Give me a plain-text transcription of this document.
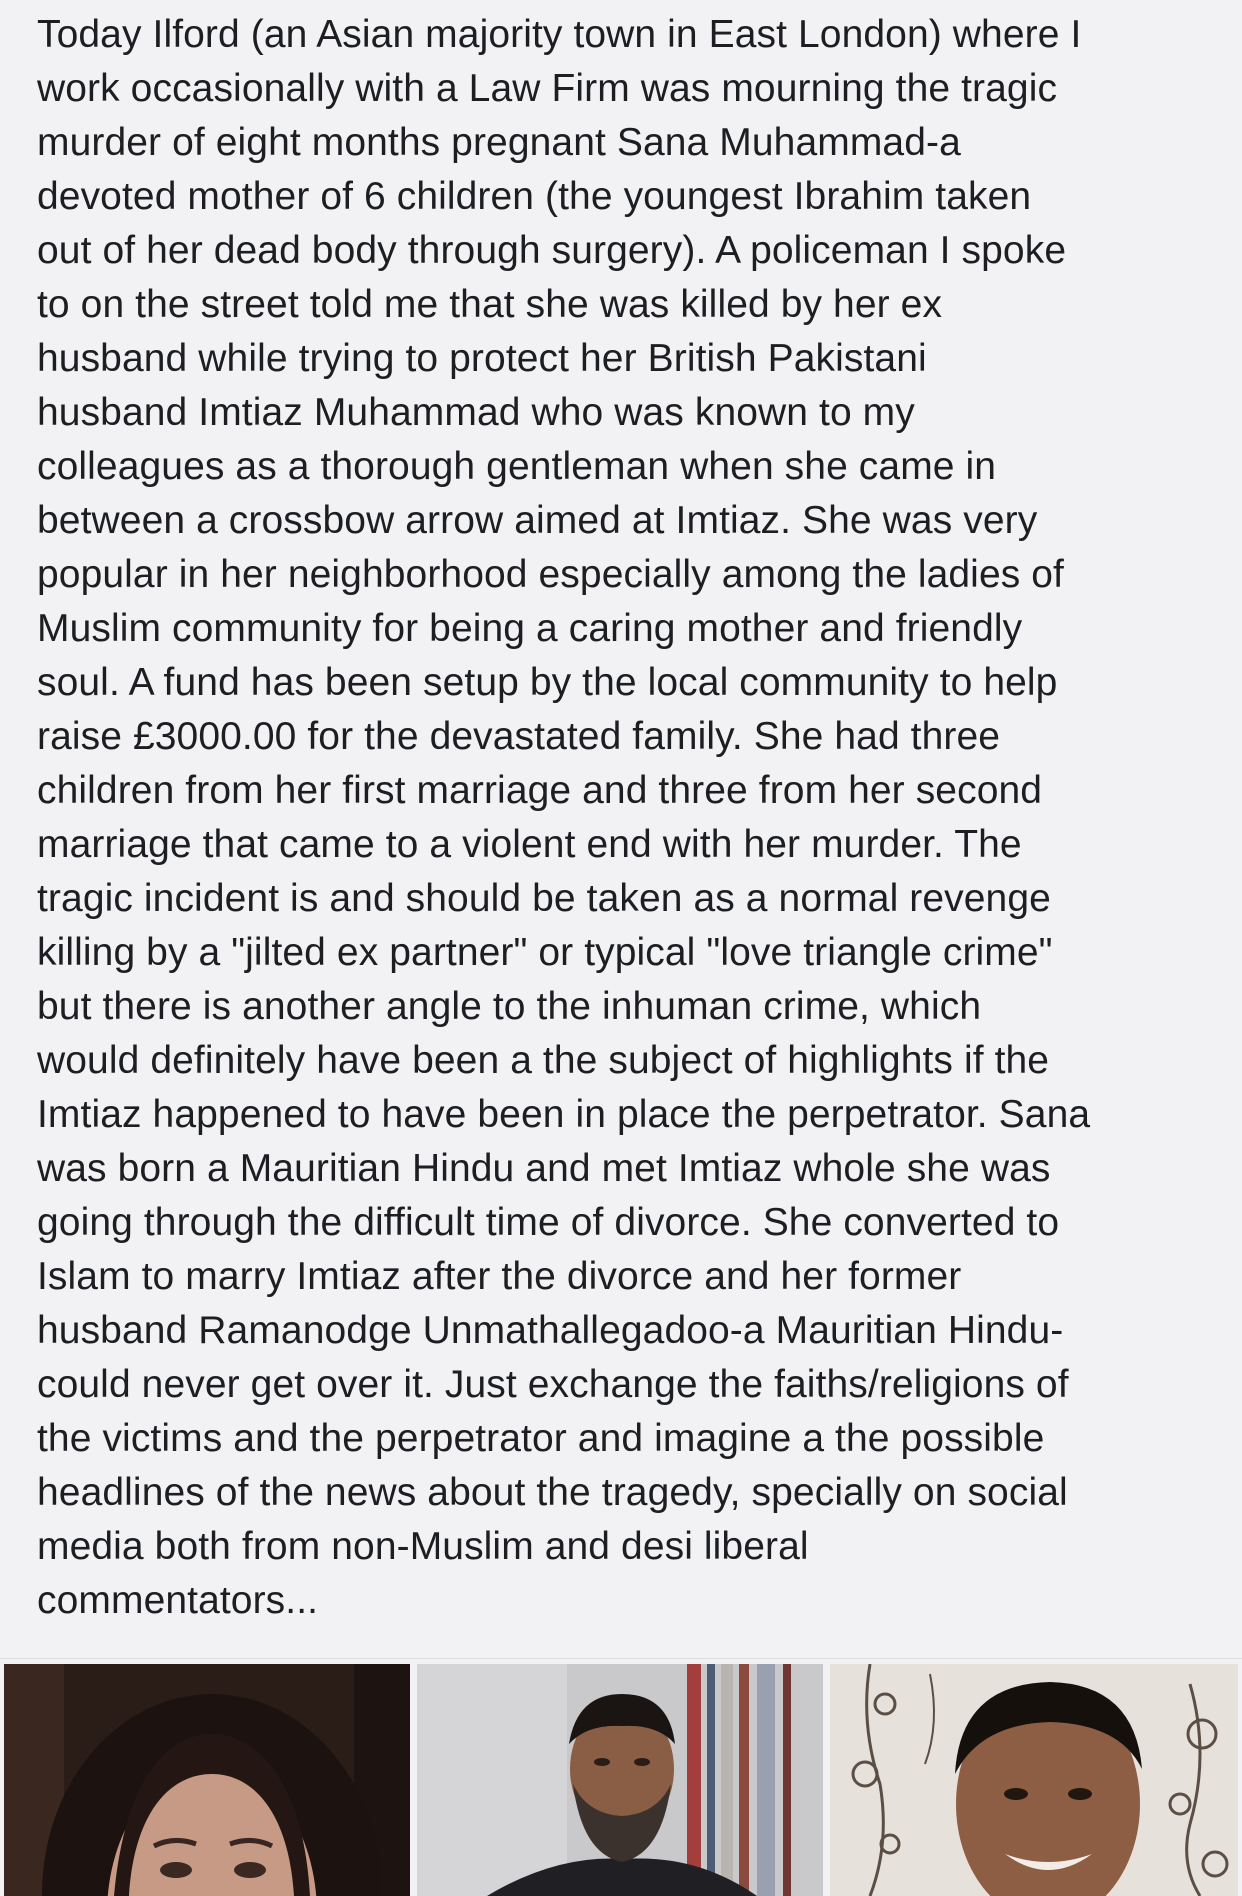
Today Ilford (an Asian majority town in East London) where I
work occasionally with a Law Firm was mourning the tragic
murder of eight months pregnant Sana Muhammad-a
devoted mother of 6 children (the youngest Ibrahim taken
out of her dead body through surgery). A policeman I spoke
to on the street told me that she was killed by her ex
husband while trying to protect her British Pakistani
husband Imtiaz Muhammad who was known to my
colleagues as a thorough gentleman when she came in
between a crossbow arrow aimed at Imtiaz. She was very
popular in her neighborhood especially among the ladies of
Muslim community for being a caring mother and friendly
soul. A fund has been setup by the local community to help
raise £3000.00 for the devastated family. She had three
children from her first marriage and three from her second
marriage that came to a violent end with her murder. The
tragic incident is and should be taken as a normal revenge
killing by a "jilted ex partner" or typical "love triangle crime"
but there is another angle to the inhuman crime, which
would definitely have been a the subject of highlights if the
Imtiaz happened to have been in place the perpetrator. Sana
was born a Mauritian Hindu and met Imtiaz whole she was
going through the difficult time of divorce. She converted to
Islam to marry Imtiaz after the divorce and her former
husband Ramanodge Unmathallegadoo-a Mauritian Hindu-
could never get over it. Just exchange the faiths/religions of
the victims and the perpetrator and imagine a the possible
headlines of the news about the tragedy, specially on social
media both from non-Muslim and desi liberal
commentators...
